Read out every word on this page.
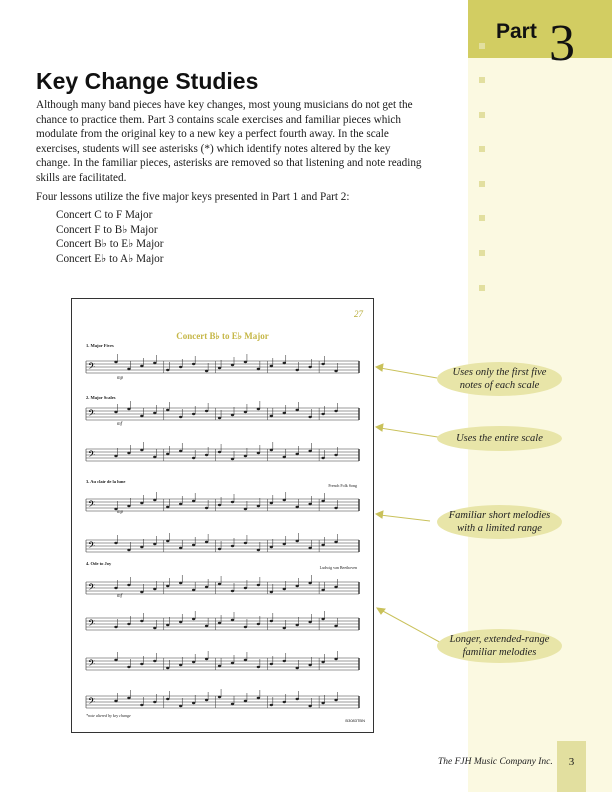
Part 3
Key Change Studies

Although many band pieces have key changes, most young musicians do not get the chance to practice them. Part 3 contains scale exercises and familiar pieces which modulate from the original key to a new key a perfect fourth away. In the scale exercises, students will see asterisks (*) which identify notes altered by the key change. In the familiar pieces, asterisks are removed so that listening and note reading skills are facilitated.

Four lessons utilize the five major keys presented in Part 1 and Part 2:

Concert C to F Major

Concert F to B♭ Major

Concert B♭ to E♭ Major

Concert E♭ to A♭ Major

27
Concert B♭ to E♭ Major
1. Major Fives
2. Major Scales
3. Au clair de la lune
4. Ode to Joy
French Folk Song
Ludwig van Beethoven
mp
mf
mp
mf
𝄢
𝄢
𝄢
𝄢
𝄢
𝄢
𝄢
𝄢
𝄢
*note altered by key change
B3083TBN
Uses only the first five notes of each scale
Uses the entire scale
Familiar short melodies with a limited range
Longer, extended-range familiar melodies
The FJH Music Company Inc.	3
